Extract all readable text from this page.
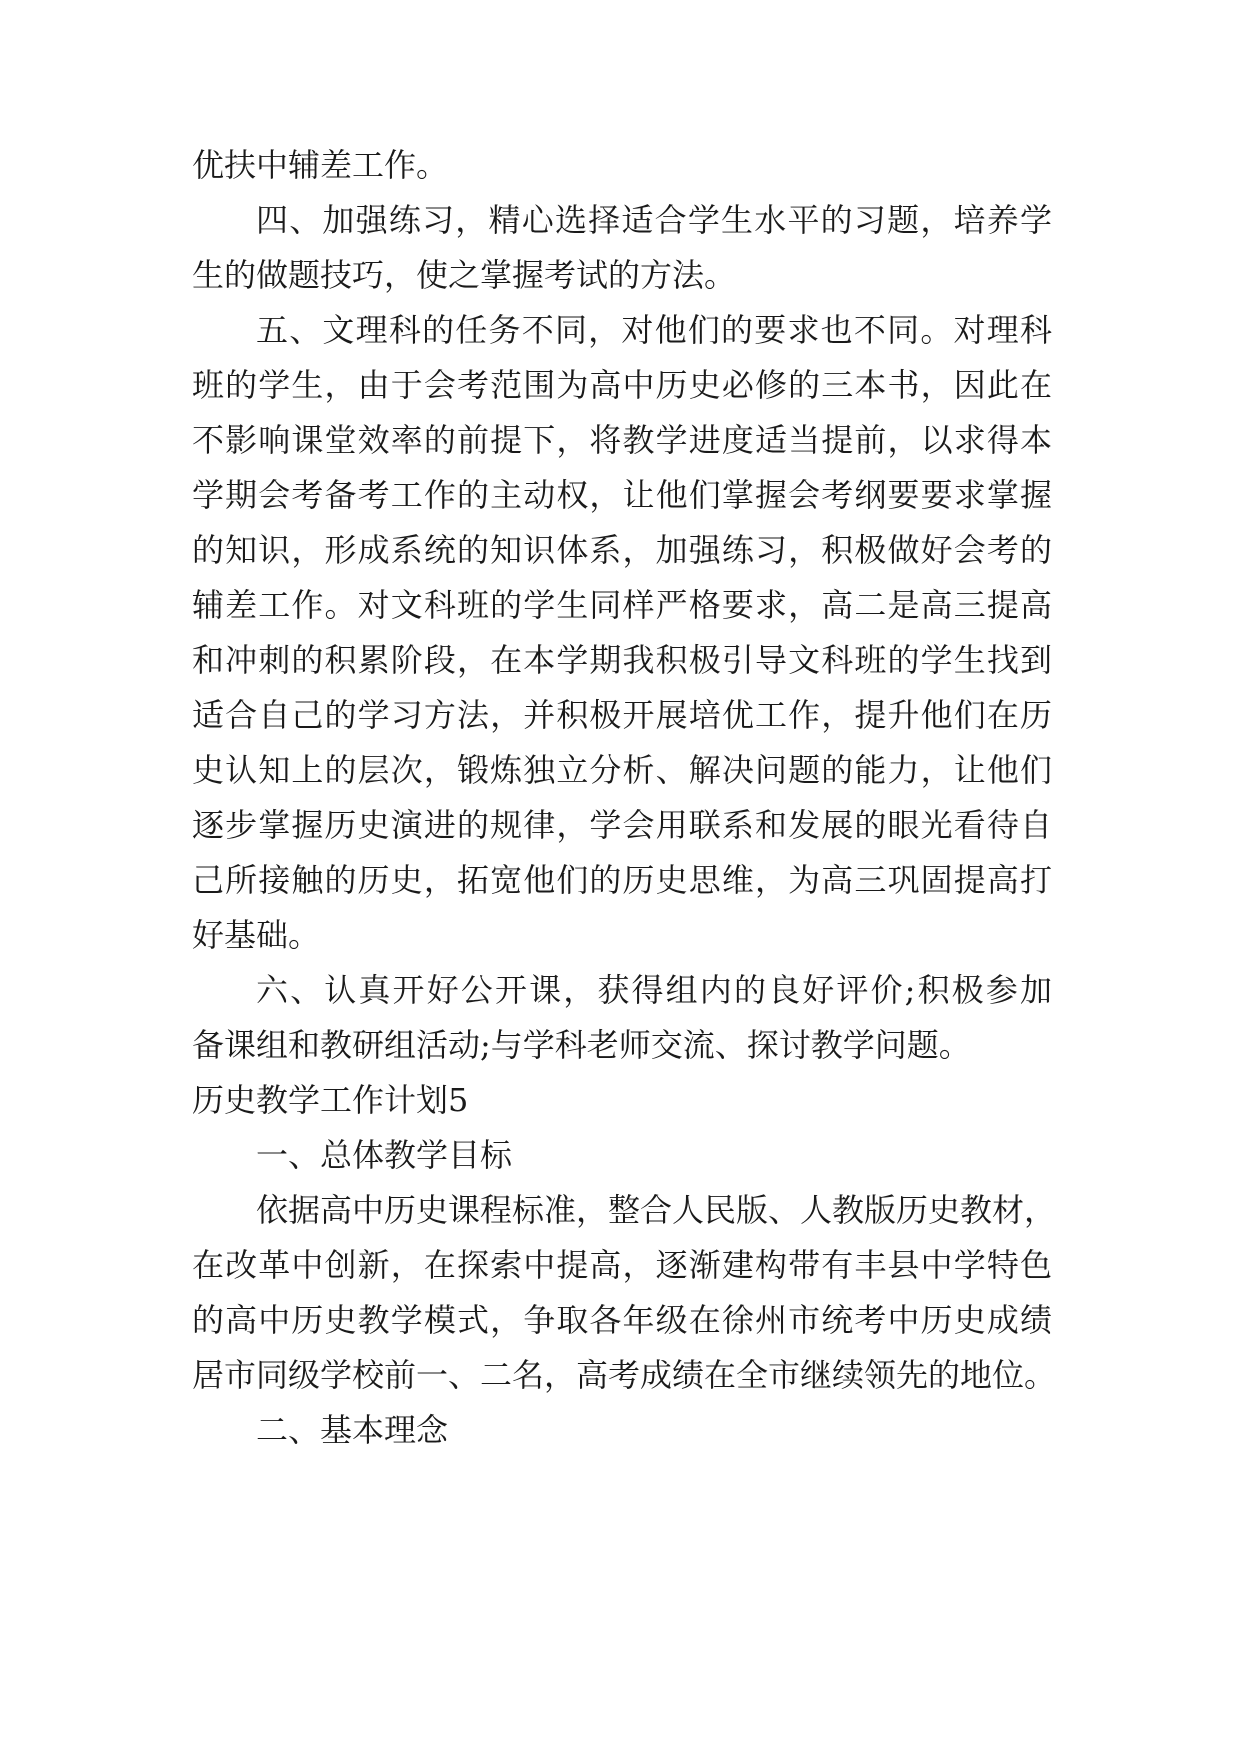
优扶中辅差工作。
四、加强练习，精心选择适合学生水平的习题，培养学
生的做题技巧，使之掌握考试的方法。
五、文理科的任务不同，对他们的要求也不同。对理科
班的学生，由于会考范围为高中历史必修的三本书，因此在
不影响课堂效率的前提下，将教学进度适当提前，以求得本
学期会考备考工作的主动权，让他们掌握会考纲要要求掌握
的知识，形成系统的知识体系，加强练习，积极做好会考的
辅差工作。对文科班的学生同样严格要求，高二是高三提高
和冲刺的积累阶段，在本学期我积极引导文科班的学生找到
适合自己的学习方法，并积极开展培优工作，提升他们在历
史认知上的层次，锻炼独立分析、解决问题的能力，让他们
逐步掌握历史演进的规律，学会用联系和发展的眼光看待自
己所接触的历史，拓宽他们的历史思维，为高三巩固提高打
好基础。
六、认真开好公开课，获得组内的良好评价;积极参加
备课组和教研组活动;与学科老师交流、探讨教学问题。
历史教学工作计划5
一、总体教学目标
依据高中历史课程标准，整合人民版、人教版历史教材，
在改革中创新，在探索中提高，逐渐建构带有丰县中学特色
的高中历史教学模式，争取各年级在徐州市统考中历史成绩
居市同级学校前一、二名，高考成绩在全市继续领先的地位。
二、基本理念
